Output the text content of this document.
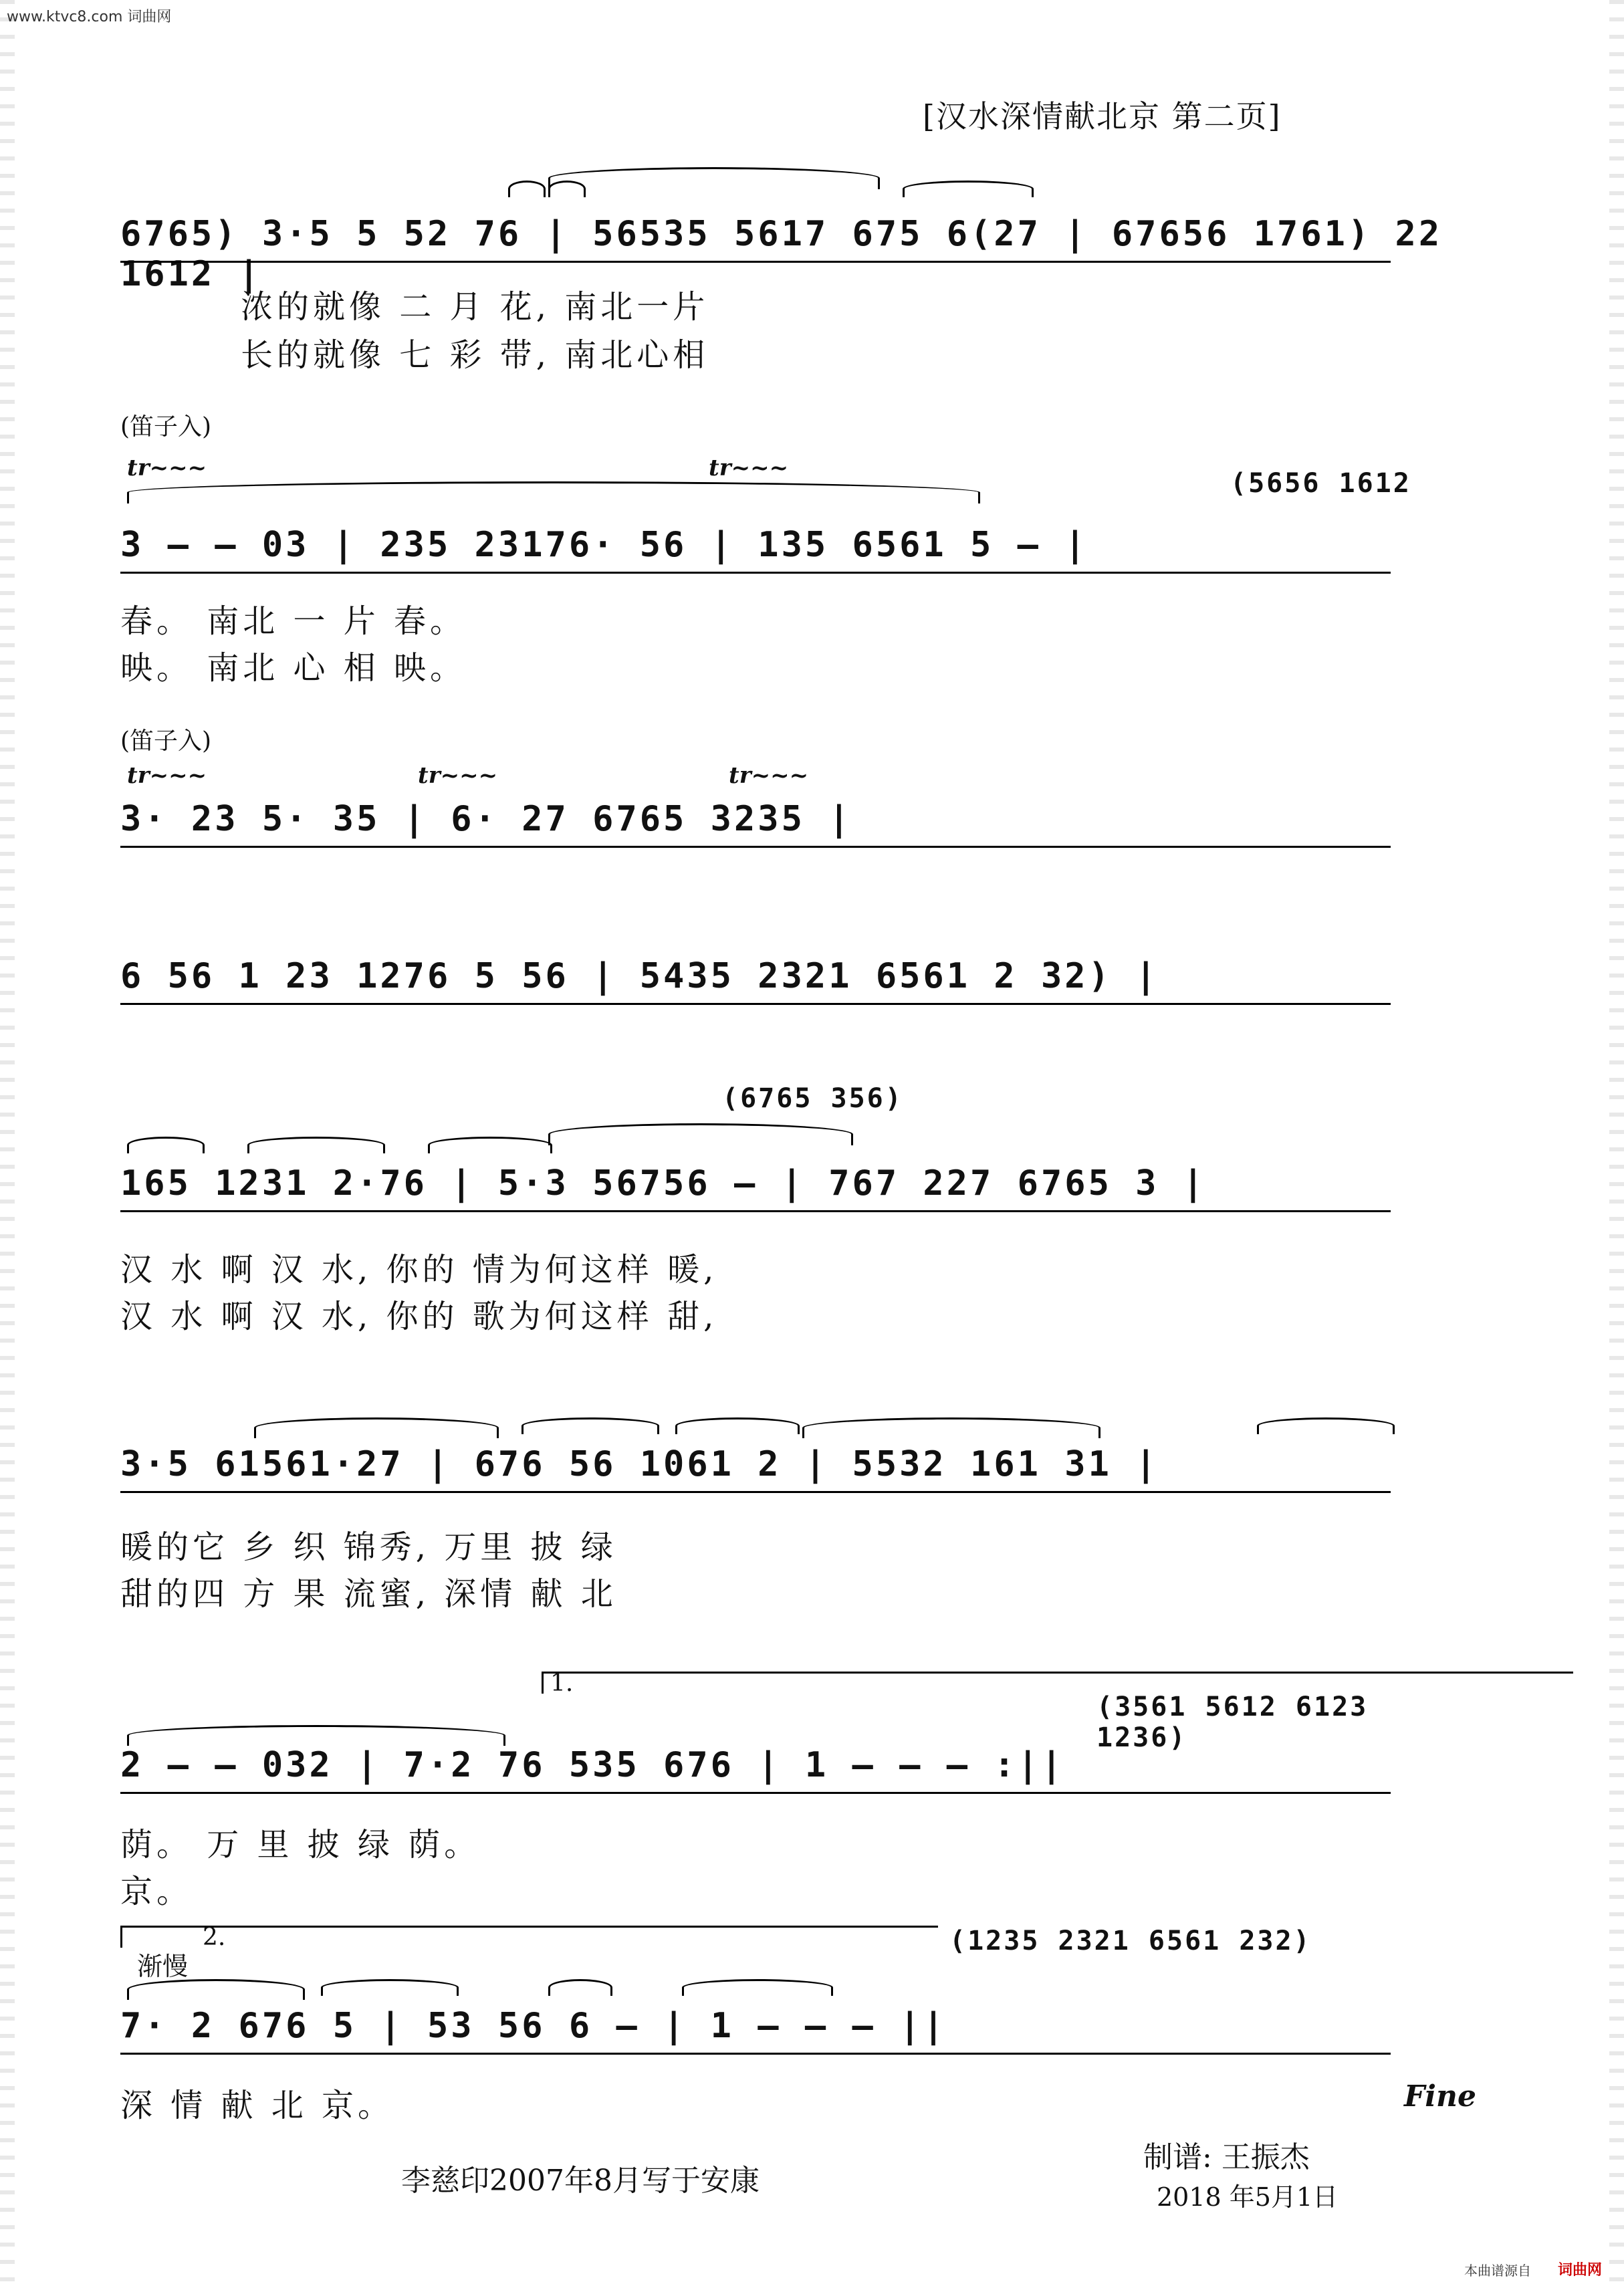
www.ktvc8.com 词曲网
[汉水深情献北京 第二页]
6765) 3·5 5 52 76 | 56535 5617 675 6(27 | 67656 1761) 22 1612 |
浓的就像 二 月 花, 南北一片
长的就像 七 彩 带, 南北心相
(笛子入)
tr~~~	tr~~~	(5656 1612
3 – – 03 | 235 23176· 56 | 135 6561 5 – |
春。 南北 一 片 春。
映。 南北 心 相 映。
(笛子入)
tr~~~	tr~~~	tr~~~
3· 23 5· 35 | 6· 27 6765 3235 |
6 56 1 23 1276 5 56 | 5435 2321 6561 2 32) |
(6765 356)
165 1231 2·76 | 5·3 56756 – | 767 227 6765 3 |
汉 水 啊 汉 水, 你的 情为何这样 暖,
汉 水 啊 汉 水, 你的 歌为何这样 甜,
3·5 61561·27 | 676 56 1061 2 | 5532 161 31 |
暖的它 乡 织 锦秀, 万里 披 绿
甜的四 方 果 流蜜, 深情 献 北
1.
(3561 5612 6123 1236)
2 – – 032 | 7·2 76 535 676 | 1 – – – :||
荫。 万 里 披 绿 荫。
京。
2.
渐慢
(1235 2321 6561 232)
7· 2 676 5 | 53 56 6 – | 1 – – – ||
深 情 献 北 京。	Fine
李慈印2007年8月写于安康
制谱: 王振杰
2018 年5月1日
本曲谱源自 词曲网
